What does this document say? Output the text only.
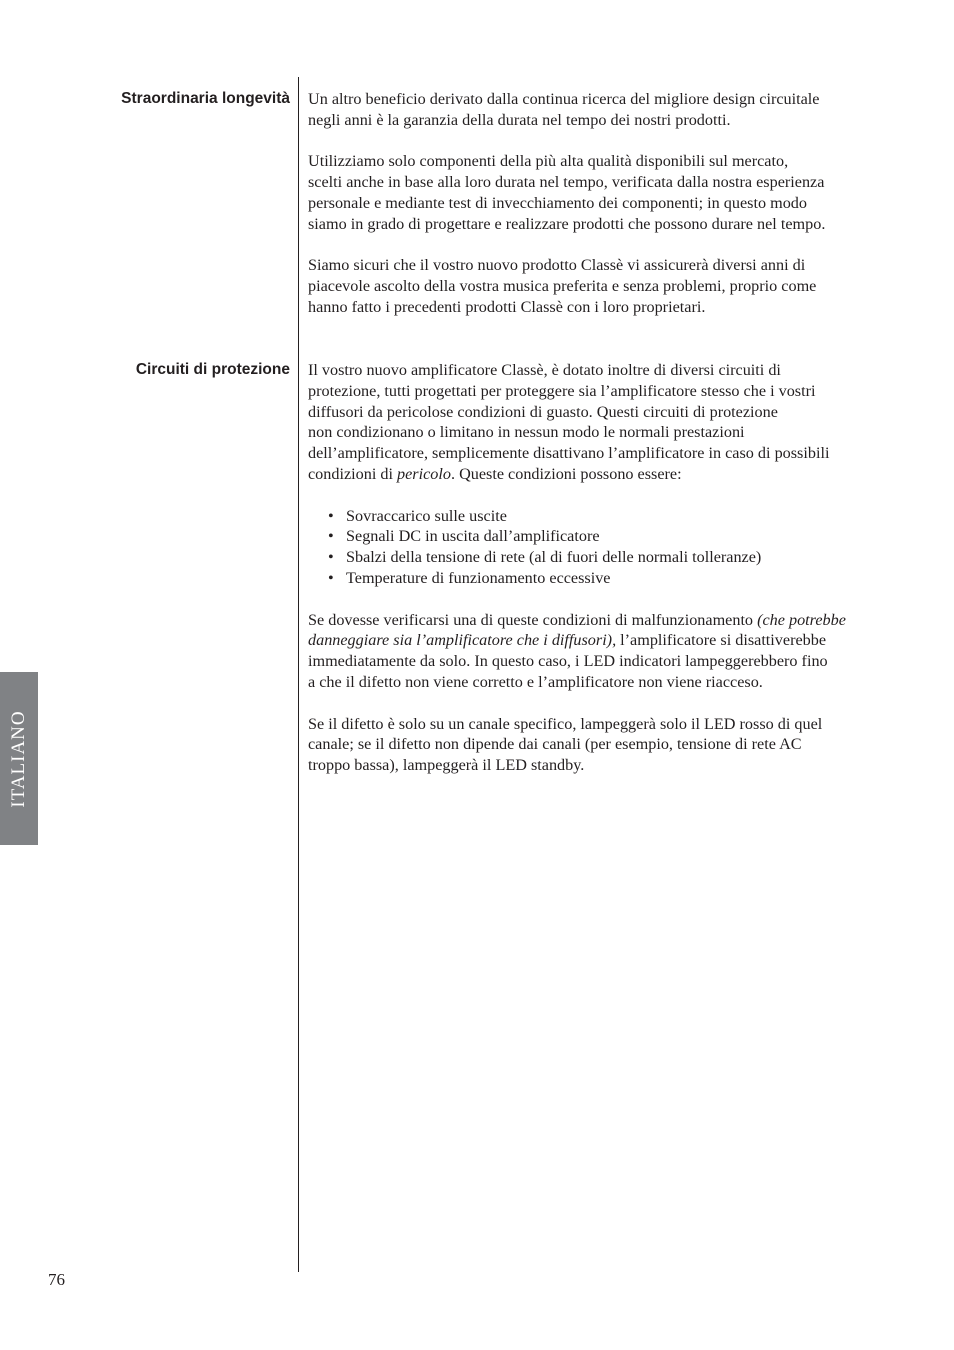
Straordinaria longevità Un altro beneficio derivato dalla continua ricerca del migliore design circuitale
negli anni è la garanzia della durata nel tempo dei nostri prodotti.

Utilizziamo solo componenti della più alta qualità disponibili sul mercato,
scelti anche in base alla loro durata nel tempo, verificata dalla nostra esperienza
personale e mediante test di invecchiamento dei componenti; in questo modo
siamo in grado di progettare e realizzare prodotti che possono durare nel tempo.

Siamo sicuri che il vostro nuovo prodotto Classè vi assicurerà diversi anni di
piacevole ascolto della vostra musica preferita e senza problemi, proprio come
hanno fatto i precedenti prodotti Classè con i loro proprietari.

Circuiti di protezione Il vostro nuovo amplificatore Classè, è dotato inoltre di diversi circuiti di
protezione, tutti progettati per proteggere sia l’amplificatore stesso che i vostri
diffusori da pericolose condizioni di guasto. Questi circuiti di protezione
non condizionano o limitano in nessun modo le normali prestazioni
dell’amplificatore, semplicemente disattivano l’amplificatore in caso di possibili
condizioni di pericolo. Queste condizioni possono essere:

• Sovraccarico sulle uscite
• Segnali DC in uscita dall’amplificatore
• Sbalzi della tensione di rete (al di fuori delle normali tolleranze)
• Temperature di funzionamento eccessive

Se dovesse verificarsi una di queste condizioni di malfunzionamento (che potrebbe
danneggiare sia l’amplificatore che i diffusori), l’amplificatore si disattiverebbe
immediatamente da solo. In questo caso, i LED indicatori lampeggerebbero fino
a che il difetto non viene corretto e l’amplificatore non viene riacceso.

Se il difetto è solo su un canale specifico, lampeggerà solo il LED rosso di quel
canale; se il difetto non dipende dai canali (per esempio, tensione di rete AC
troppo bassa), lampeggerà il LED standby.

ITALIANO
76
